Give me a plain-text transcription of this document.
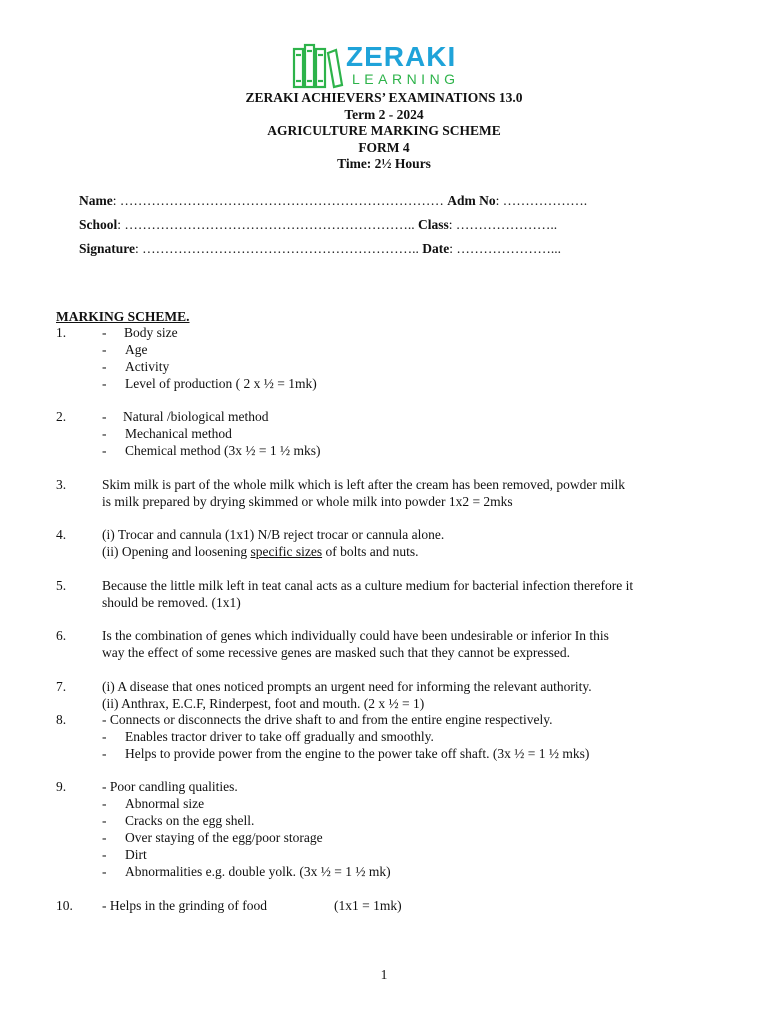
ZERAKI
LEARNING
ZERAKI ACHIEVERS’ EXAMINATIONS 13.0
Term 2 - 2024
AGRICULTURE MARKING SCHEME
FORM 4
Time: 2½ Hours
Name: ……………………………………………………………… Adm No: ……………….
School: ……………………………………………………….. Class: …………………..
Signature: …………………………………………………….. Date: …………………...
MARKING SCHEME.
1.	- Body size
- Age
- Activity
- Level of production ( 2 x ½ = 1mk)
2.	- Natural /biological method
- Mechanical method
- Chemical method (3x ½ = 1 ½ mks)
3.	Skim milk is part of the whole milk which is left after the cream has been removed, powder milk
is milk prepared by drying skimmed or whole milk into powder 1x2 = 2mks
4.	(i) Trocar and cannula (1x1) N/B reject trocar or cannula alone.
(ii) Opening and loosening specific sizes of bolts and nuts.
5.	Because the little milk left in teat canal acts as a culture medium for bacterial infection therefore it
should be removed. (1x1)
6.	Is the combination of genes which individually could have been undesirable or inferior In this
way the effect of some recessive genes are masked such that they cannot be expressed.
7.	(i) A disease that ones noticed prompts an urgent need for informing the relevant authority.
(ii) Anthrax, E.C.F, Rinderpest, foot and mouth. (2 x ½ = 1)
8.	- Connects or disconnects the drive shaft to and from the entire engine respectively.
- Enables tractor driver to take off gradually and smoothly.
- Helps to provide power from the engine to the power take off shaft. (3x ½ = 1 ½ mks)
9.	- Poor candling qualities.
- Abnormal size
- Cracks on the egg shell.
- Over staying of the egg/poor storage
- Dirt
- Abnormalities e.g. double yolk. (3x ½ = 1 ½ mk)
10. - Helps in the grinding of food	(1x1 = 1mk)
1
